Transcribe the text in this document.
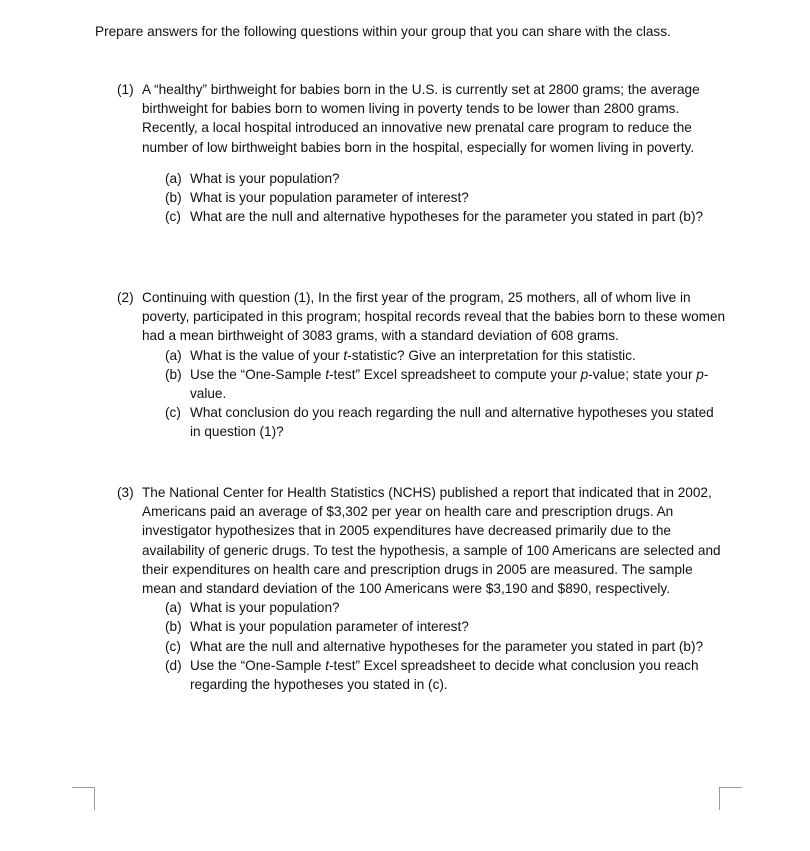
Prepare answers for the following questions within your group that you can share with the class.

(1) A “healthy” birthweight for babies born in the U.S. is currently set at 2800 grams; the average birthweight for babies born to women living in poverty tends to be lower than 2800 grams. Recently, a local hospital introduced an innovative new prenatal care program to reduce the number of low birthweight babies born in the hospital, especially for women living in poverty.

(a) What is your population?

(b) What is your population parameter of interest?

(c) What are the null and alternative hypotheses for the parameter you stated in part (b)?

(2) Continuing with question (1), In the first year of the program, 25 mothers, all of whom live in poverty, participated in this program; hospital records reveal that the babies born to these women had a mean birthweight of 3083 grams, with a standard deviation of 608 grams.

(a) What is the value of your t-statistic? Give an interpretation for this statistic.

(b) Use the “One-Sample t-test” Excel spreadsheet to compute your p-value; state your p-value.

(c) What conclusion do you reach regarding the null and alternative hypotheses you stated in question (1)?

(3) The National Center for Health Statistics (NCHS) published a report that indicated that in 2002, Americans paid an average of $3,302 per year on health care and prescription drugs. An investigator hypothesizes that in 2005 expenditures have decreased primarily due to the availability of generic drugs. To test the hypothesis, a sample of 100 Americans are selected and their expenditures on health care and prescription drugs in 2005 are measured. The sample mean and standard deviation of the 100 Americans were $3,190 and $890, respectively.

(a) What is your population?

(b) What is your population parameter of interest?

(c) What are the null and alternative hypotheses for the parameter you stated in part (b)?

(d) Use the “One-Sample t-test” Excel spreadsheet to decide what conclusion you reach regarding the hypotheses you stated in (c).
